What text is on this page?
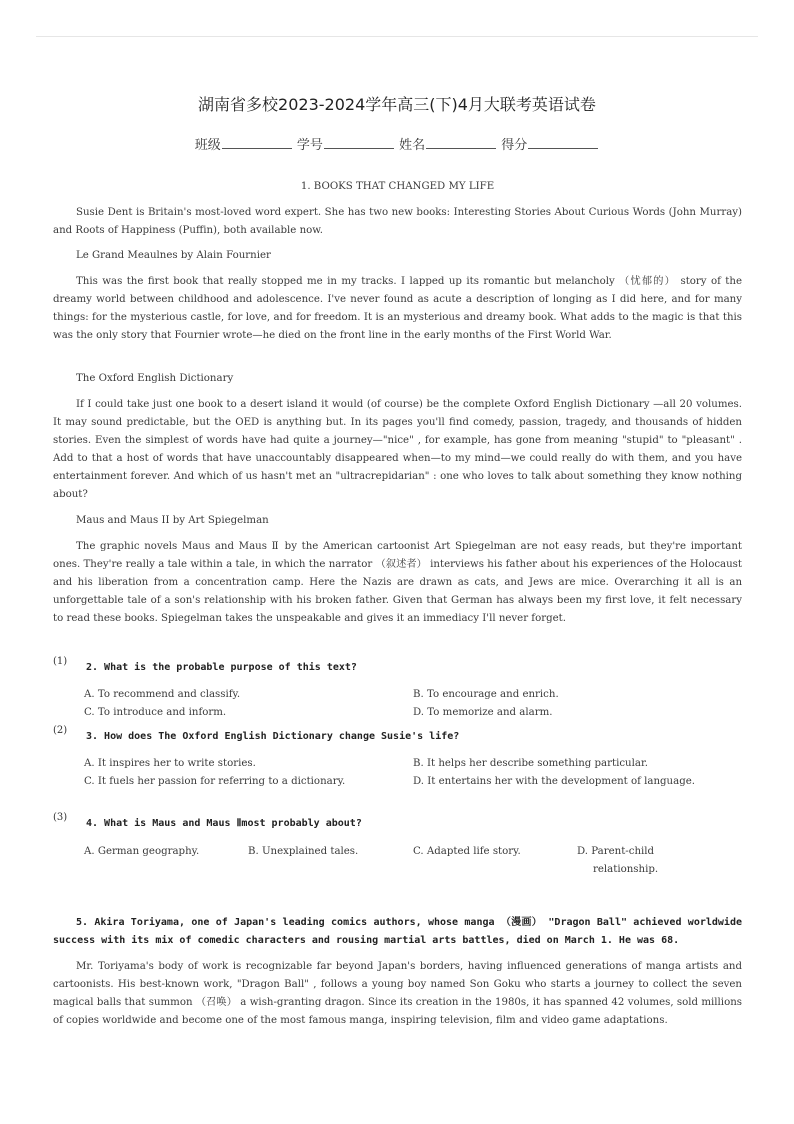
湖南省多校2023-2024学年高三(下)4月大联考英语试卷
班级	学号	姓名	得分
1. BOOKS THAT CHANGED MY LIFE
Susie Dent is Britain's most-loved word expert. She has two new books: Interesting Stories About Curious Words (John Murray) and Roots of Happiness (Puffin), both available now.
Le Grand Meaulnes by Alain Fournier
This was the first book that really stopped me in my tracks. I lapped up its romantic but melancholy （忧郁的） story of the dreamy world between childhood and adolescence. I've never found as acute a description of longing as I did here, and for many things: for the mysterious castle, for love, and for freedom. It is an mysterious and dreamy book. What adds to the magic is that this was the only story that Fournier wrote—he died on the front line in the early months of the First World War.
The Oxford English Dictionary
If I could take just one book to a desert island it would (of course) be the complete Oxford English Dictionary —all 20 volumes. It may sound predictable, but the OED is anything but. In its pages you'll find comedy, passion, tragedy, and thousands of hidden stories. Even the simplest of words have had quite a journey—"nice" , for example, has gone from meaning "stupid" to "pleasant" . Add to that a host of words that have unaccountably disappeared when—to my mind—we could really do with them, and you have entertainment forever. And which of us hasn't met an "ultracrepidarian" : one who loves to talk about something they know nothing about?
Maus and Maus II by Art Spiegelman
The graphic novels Maus and Maus Ⅱ by the American cartoonist Art Spiegelman are not easy reads, but they're important ones. They're really a tale within a tale, in which the narrator （叙述者） interviews his father about his experiences of the Holocaust and his liberation from a concentration camp. Here the Nazis are drawn as cats, and Jews are mice. Overarching it all is an unforgettable tale of a son's relationship with his broken father. Given that German has always been my first love, it felt necessary to read these books. Spiegelman takes the unspeakable and gives it an immediacy I'll never forget.
(1)
2. What is the probable purpose of this text?
A. To recommend and classify.	B. To encourage and enrich.
C. To introduce and inform.	D. To memorize and alarm.
(2)
3. How does The Oxford English Dictionary change Susie's life?
A. It inspires her to write stories.	B. It helps her describe something particular.
C. It fuels her passion for referring to a dictionary.	D. It entertains her with the development of language.
(3)
4. What is Maus and Maus Ⅱmost probably about?
A. German geography.	B. Unexplained tales.	C. Adapted life story.	D. Parent-child relationship.
5. Akira Toriyama, one of Japan's leading comics authors, whose manga （漫画） "Dragon Ball" achieved worldwide success with its mix of comedic characters and rousing martial arts battles, died on March 1. He was 68.
Mr. Toriyama's body of work is recognizable far beyond Japan's borders, having influenced generations of manga artists and cartoonists. His best-known work, "Dragon Ball" , follows a young boy named Son Goku who starts a journey to collect the seven magical balls that summon （召唤） a wish-granting dragon. Since its creation in the 1980s, it has spanned 42 volumes, sold millions of copies worldwide and become one of the most famous manga, inspiring television, film and video game adaptations.
